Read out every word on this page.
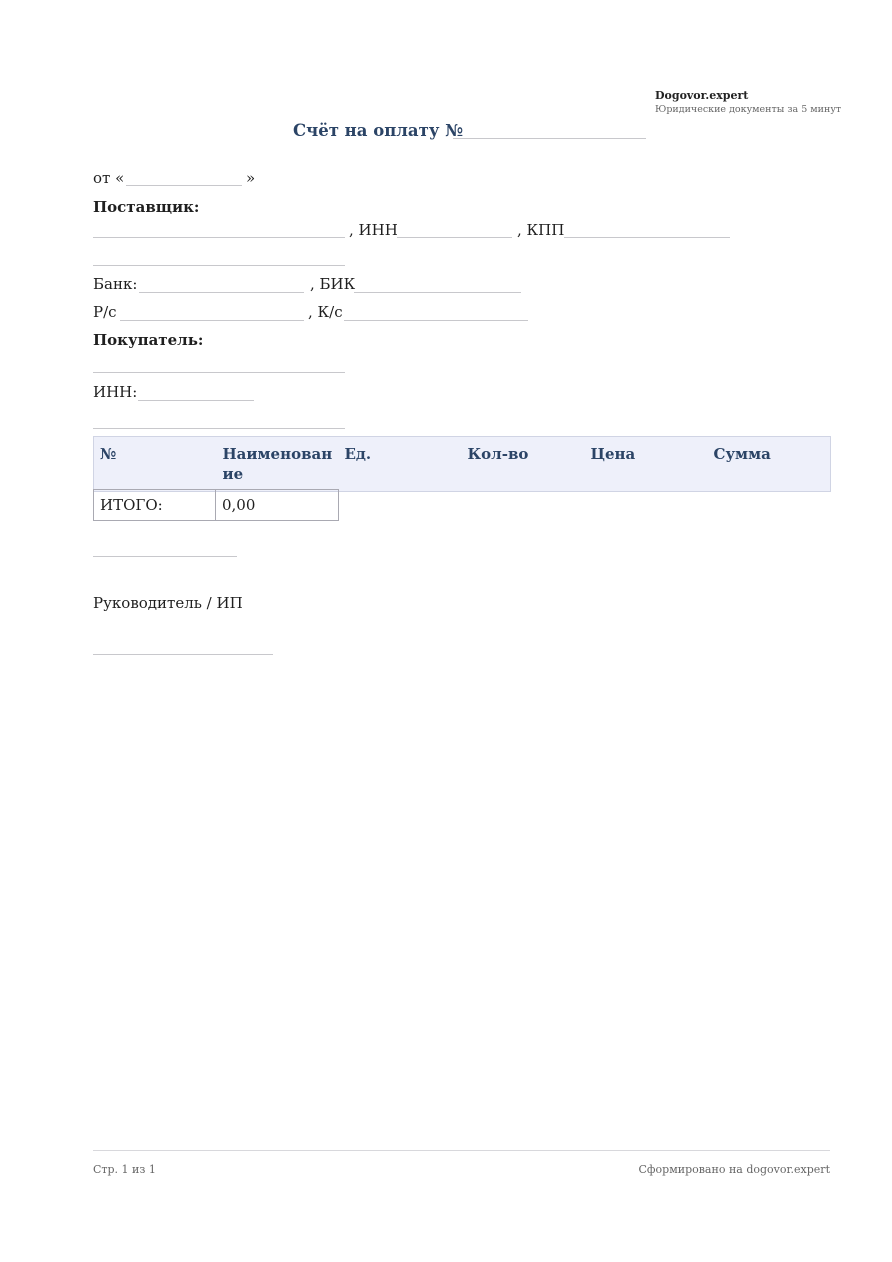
Dogovor.expert
Юридические документы за 5 минут
Счёт на оплату №
от «	»
Поставщик:
, ИНН	, КПП
Банк:	, БИК
Р/с	, К/с
Покупатель:
ИНН:
№	Наименование	Ед.	Кол-во	Цена	Сумма
ИТОГО:	0,00
Руководитель / ИП
Стр. 1 из 1	Сформировано на dogovor.expert
